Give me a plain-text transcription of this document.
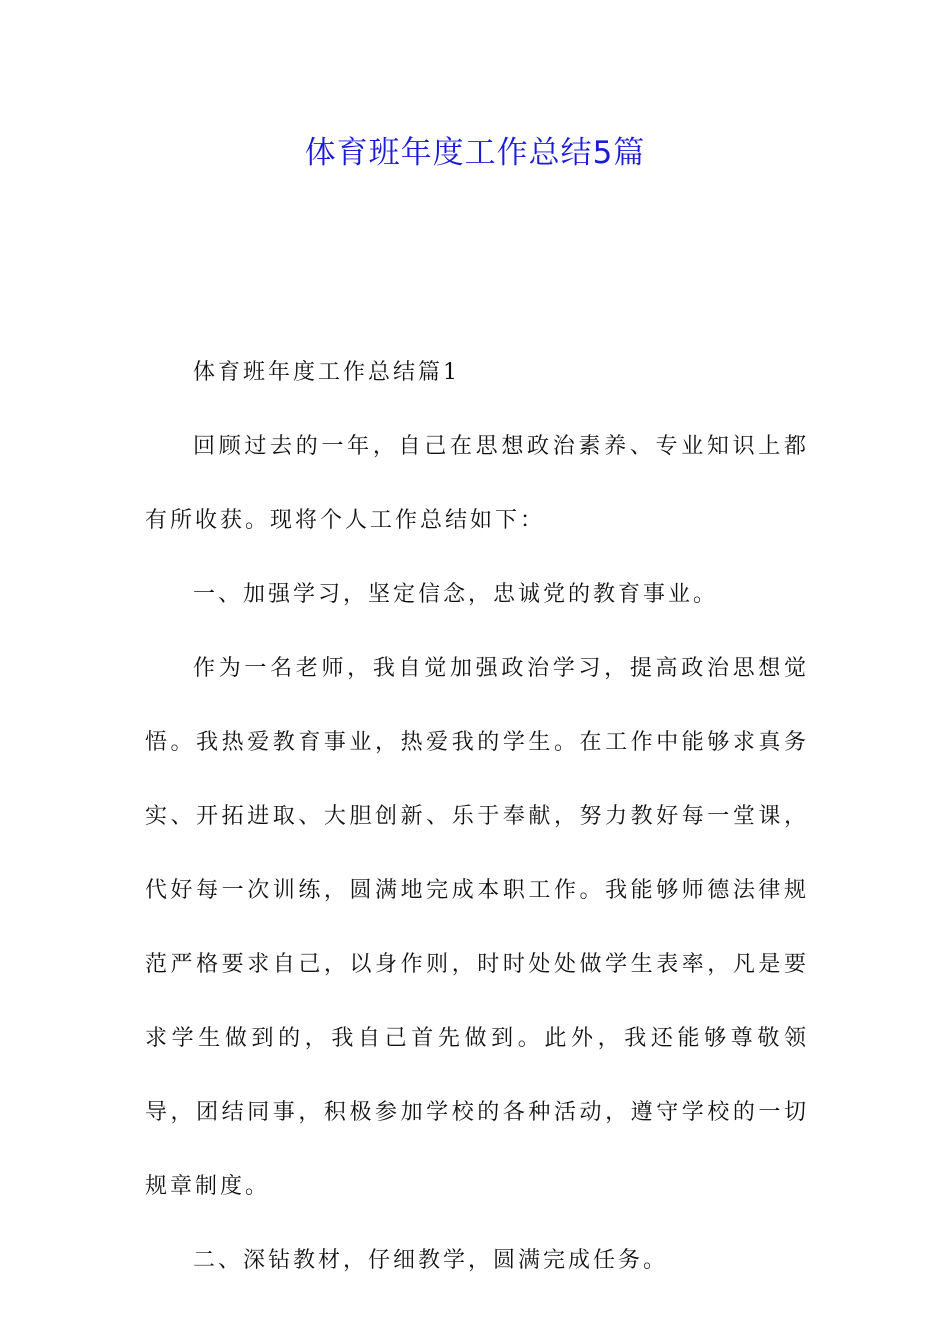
体育班年度工作总结5篇

体育班年度工作总结篇1

回顾过去的一年，自己在思想政治素养、专业知识上都有所收获。现将个人工作总结如下：

一、加强学习，坚定信念，忠诚党的教育事业。

作为一名老师，我自觉加强政治学习，提高政治思想觉悟。我热爱教育事业，热爱我的学生。在工作中能够求真务实、开拓进取、大胆创新、乐于奉献，努力教好每一堂课，代好每一次训练，圆满地完成本职工作。我能够师德法律规范严格要求自己，以身作则，时时处处做学生表率，凡是要求学生做到的，我自己首先做到。此外，我还能够尊敬领导，团结同事，积极参加学校的各种活动，遵守学校的一切规章制度。

二、深钻教材，仔细教学，圆满完成任务。
